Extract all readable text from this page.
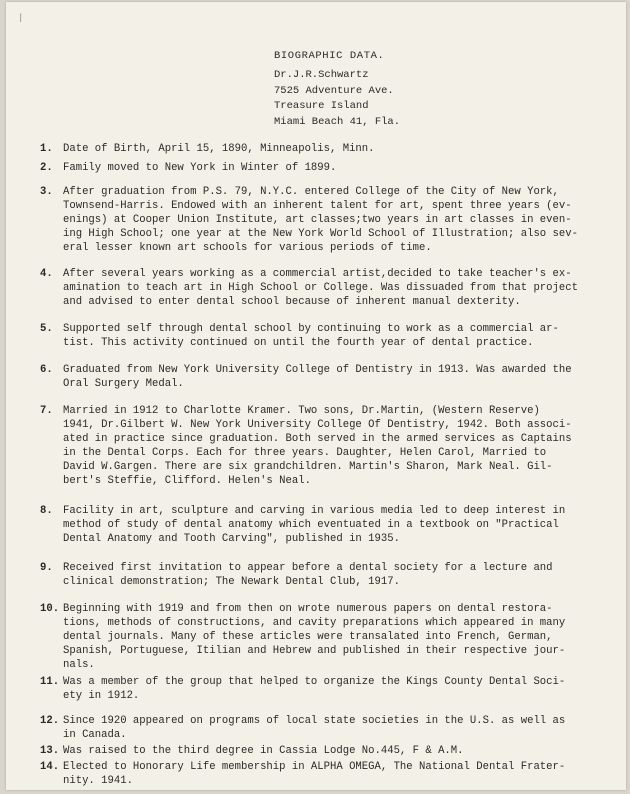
|
BIOGRAPHIC DATA.
Dr.J.R.Schwartz
7525 Adventure Ave.
Treasure Island
Miami Beach 41, Fla.
1. Date of Birth, April 15, 1890, Minneapolis, Minn.
2. Family moved to New York in Winter of 1899.
3. After graduation from P.S. 79, N.Y.C. entered College of the City of New York,
Townsend-Harris. Endowed with an inherent talent for art, spent three years (ev-
enings) at Cooper Union Institute, art classes;two years in art classes in even-
ing High School; one year at the New York World School of Illustration; also sev-
eral lesser known art schools for various periods of time.
4. After several years working as a commercial artist,decided to take teacher's ex-
amination to teach art in High School or College. Was dissuaded from that project
and advised to enter dental school because of inherent manual dexterity.
5. Supported self through dental school by continuing to work as a commercial ar-
tist. This activity continued on until the fourth year of dental practice.
6. Graduated from New York University College of Dentistry in 1913. Was awarded the
Oral Surgery Medal.
7. Married in 1912 to Charlotte Kramer. Two sons, Dr.Martin, (Western Reserve)
1941, Dr.Gilbert W. New York University College Of Dentistry, 1942. Both associ-
ated in practice since graduation. Both served in the armed services as Captains
in the Dental Corps. Each for three years. Daughter, Helen Carol, Married to
David W.Gargen. There are six grandchildren. Martin's Sharon, Mark Neal. Gil-
bert's Steffie, Clifford. Helen's Neal.
8. Facility in art, sculpture and carving in various media led to deep interest in
method of study of dental anatomy which eventuated in a textbook on "Practical
Dental Anatomy and Tooth Carving", published in 1935.
9. Received first invitation to appear before a dental society for a lecture and
clinical demonstration; The Newark Dental Club, 1917.
10. Beginning with 1919 and from then on wrote numerous papers on dental restora-
tions, methods of constructions, and cavity preparations which appeared in many
dental journals. Many of these articles were transalated into French, German,
Spanish, Portuguese, Itilian and Hebrew and published in their respective jour-
nals.
11. Was a member of the group that helped to organize the Kings County Dental Soci-
ety in 1912.
12. Since 1920 appeared on programs of local state societies in the U.S. as well as
in Canada.
13. Was raised to the third degree in Cassia Lodge No.445, F & A.M.
14. Elected to Honorary Life membership in ALPHA OMEGA, The National Dental Frater-
nity. 1941.
